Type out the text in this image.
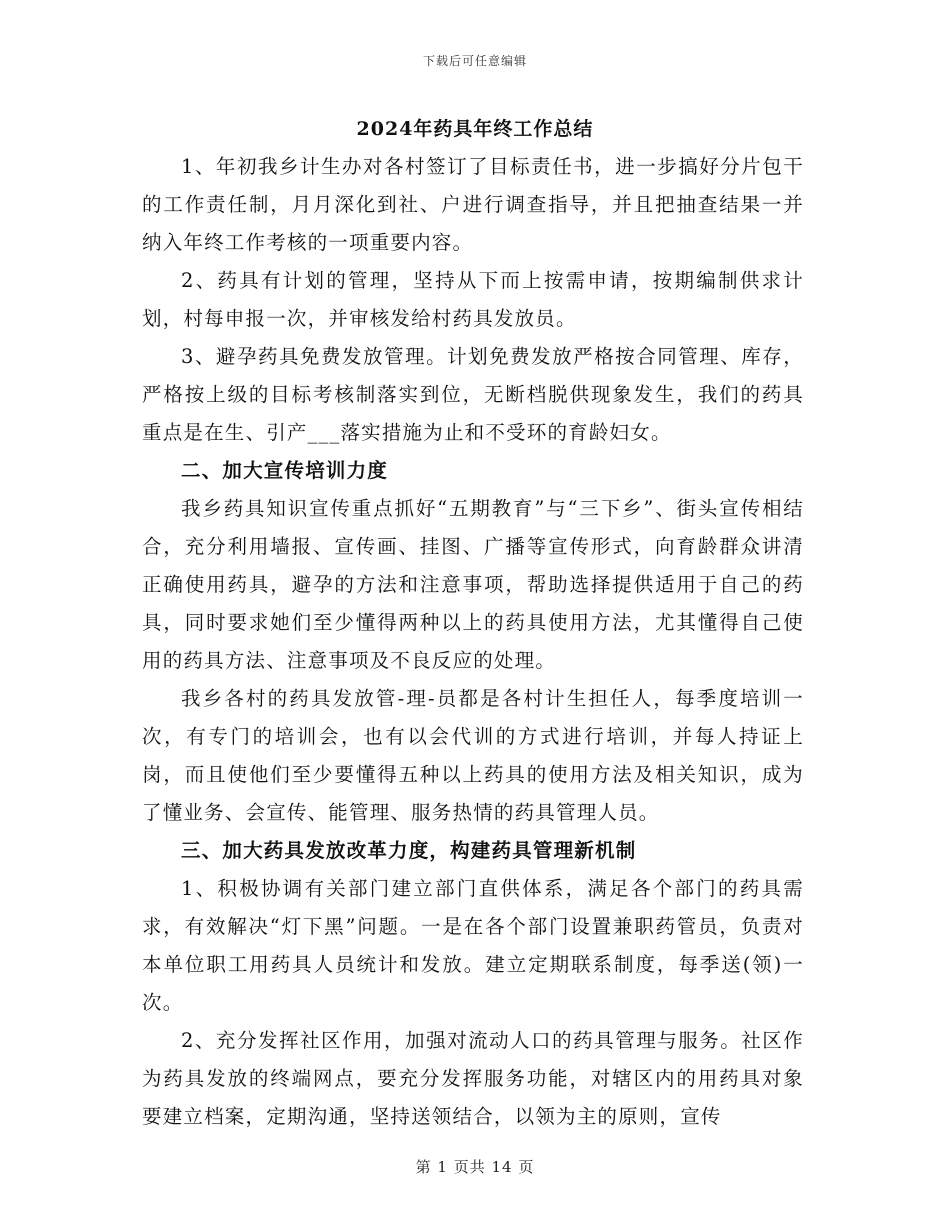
下载后可任意编辑
2024年药具年终工作总结

1、年初我乡计生办对各村签订了目标责任书，进一步搞好分片包干的工作责任制，月月深化到社、户进行调查指导，并且把抽查结果一并纳入年终工作考核的一项重要内容。

2、药具有计划的管理，坚持从下而上按需申请，按期编制供求计划，村每申报一次，并审核发给村药具发放员。

3、避孕药具免费发放管理。计划免费发放严格按合同管理、库存，严格按上级的目标考核制落实到位，无断档脱供现象发生，我们的药具重点是在生、引产___落实措施为止和不受环的育龄妇女。

二、加大宣传培训力度

我乡药具知识宣传重点抓好“五期教育”与“三下乡”、街头宣传相结合，充分利用墙报、宣传画、挂图、广播等宣传形式，向育龄群众讲清正确使用药具，避孕的方法和注意事项，帮助选择提供适用于自己的药具，同时要求她们至少懂得两种以上的药具使用方法，尤其懂得自己使用的药具方法、注意事项及不良反应的处理。

我乡各村的药具发放管-理-员都是各村计生担任人，每季度培训一次，有专门的培训会，也有以会代训的方式进行培训，并每人持证上岗，而且使他们至少要懂得五种以上药具的使用方法及相关知识，成为了懂业务、会宣传、能管理、服务热情的药具管理人员。

三、加大药具发放改革力度，构建药具管理新机制

1、积极协调有关部门建立部门直供体系，满足各个部门的药具需求，有效解决“灯下黑”问题。一是在各个部门设置兼职药管员，负责对本单位职工用药具人员统计和发放。建立定期联系制度，每季送(领)一次。

2、充分发挥社区作用，加强对流动人口的药具管理与服务。社区作为药具发放的终端网点，要充分发挥服务功能，对辖区内的用药具对象要建立档案，定期沟通，坚持送领结合，以领为主的原则，宣传

第 1 页共 14 页
